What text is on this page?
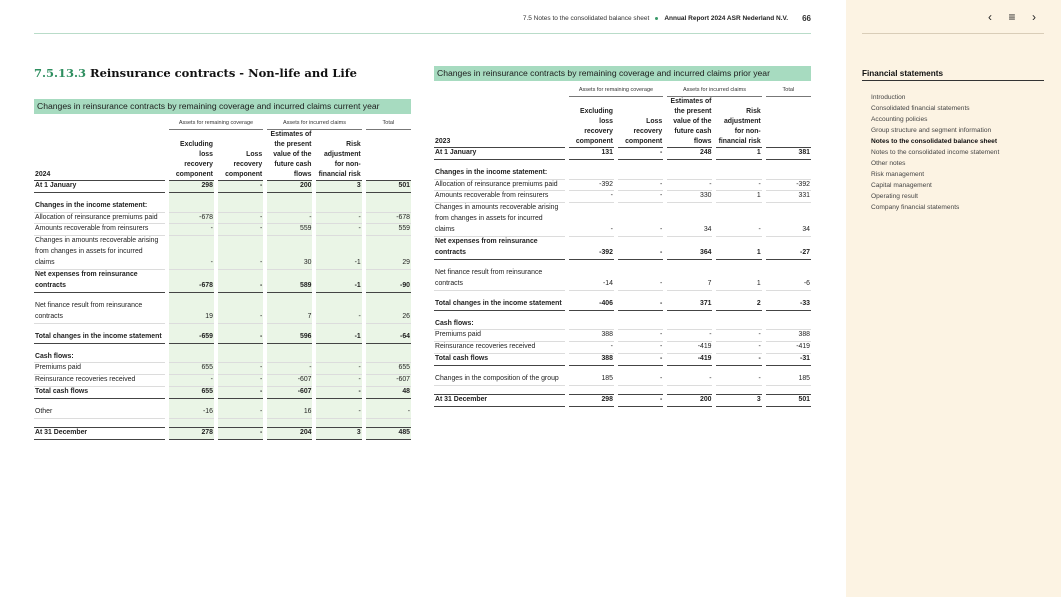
7.5 Notes to the consolidated balance sheet Annual Report 2024 ASR Nederland N.V. 66
7.5.13.3 Reinsurance contracts - Non-life and Life
Changes in reinsurance contracts by remaining coverage and incurred claims current year
	Assets for remaining coverage		Assets for incurred claims		Total
2024	Excluding loss recovery component	Loss recovery component	Estimates of the present value of the future cash flows	Risk adjustment for non-financial risk	
At 1 January	298	-	200	3	501

Changes in the income statement:					
Allocation of reinsurance premiums paid	-678	-	-	-	-678
Amounts recoverable from reinsurers	-	-	559	-	559
Changes in amounts recoverable arising from changes in assets for incurred claims	-	-	30	-1	29
Net expenses from reinsurance contracts	-678	-	589	-1	-90

Net finance result from reinsurance contracts	19	-	7	-	26

Total changes in the income statement	-659	-	596	-1	-64

Cash flows:					
Premiums paid	655	-	-	-	655
Reinsurance recoveries received	-	-	-607	-	-607
Total cash flows	655	-	-607	-	48

Other	-16	-	16	-	-

At 31 December	278	-	204	3	485
Changes in reinsurance contracts by remaining coverage and incurred claims prior year
	Assets for remaining coverage		Assets for incurred claims		Total
2023	Excluding loss recovery component	Loss recovery component	Estimates of the present value of the future cash flows	Risk adjustment for non-financial risk	
At 1 January	131	-	248	1	381

Changes in the income statement:					
Allocation of reinsurance premiums paid	-392	-	-	-	-392
Amounts recoverable from reinsurers	-	-	330	1	331
Changes in amounts recoverable arising from changes in assets for incurred claims	-	-	34	-	34
Net expenses from reinsurance contracts	-392	-	364	1	-27

Net finance result from reinsurance contracts	-14	-	7	1	-6

Total changes in the income statement	-406	-	371	2	-33

Cash flows:					
Premiums paid	388	-	-	-	388
Reinsurance recoveries received	-	-	-419	-	-419
Total cash flows	388	-	-419	-	-31

Changes in the composition of the group	185	-	-	-	185

At 31 December	298	-	200	3	501
‹	≡	›
Financial statements
Introduction
Consolidated financial statements
Accounting policies
Group structure and segment information
Notes to the consolidated balance sheet
Notes to the consolidated income statement
Other notes
Risk management
Capital management
Operating result
Company financial statements
